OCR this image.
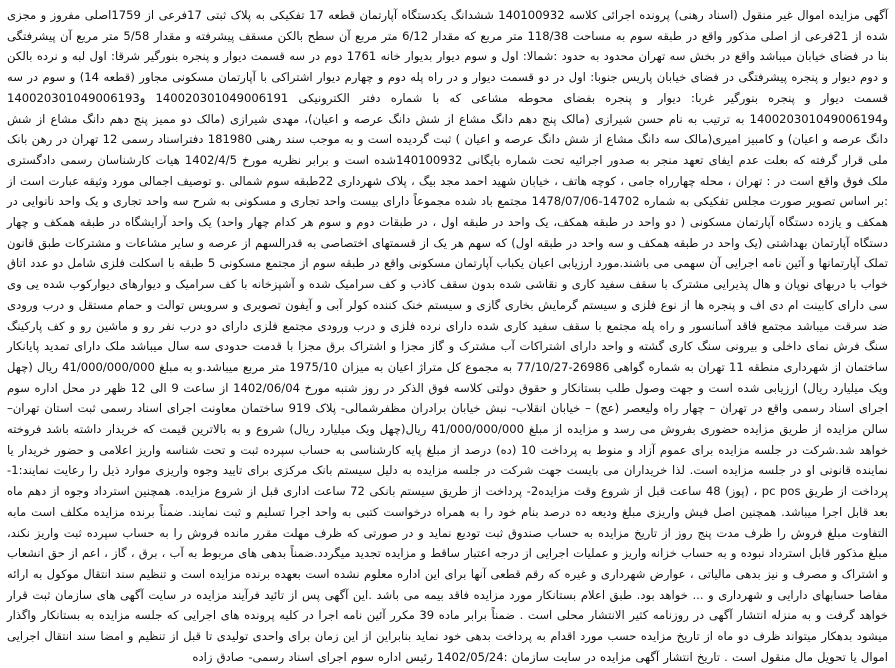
آگهی مزایده اموال غیر منقول (اسناد رهنی) پرونده اجرائی کلاسه 140100932 ششدانگ یکدستگاه آپارتمان قطعه 17 تفکیکی به پلاک ثبتی 17فرعی از 1759اصلی مفروز و مجزی شده از 21فرعی از اصلی مذکور واقع در طبقه سوم به مساحت 118/38 متر مربع که مقدار 6/12 متر مربع آن سطح بالکن مسقف پیشرفته و مقدار 5/58 متر مربع آن پیشرفتگی بنا در فضای خیابان میباشد واقع در بخش سه تهران محدود به حدود :شمالا: اول و سوم دیوار بدیوار خانه 1761 دوم در سه قسمت دیوار و پنجره بنورگیر شرقا: اول لبه و نرده بالکن و دوم دیوار و پنجره پیشرفتگی در فضای خیابان پاریس جنوبا: اول در دو قسمت دیوار و در راه پله دوم و چهارم دیوار اشتراکی با آپارتمان مسکونی مجاور (قطعه 14) و سوم در سه قسمت دیوار و پنجره بنورگیر غربا: دیوار و پنجره بفضای محوطه مشاعی که با شماره دفتر الکترونیکی 140020301049006191 و140020301049006193 و140020301049006194 به ترتیب به نام حسن شیرازی (مالک پنج دهم دانگ مشاع از شش دانگ عرصه و اعیان)، مهدی شیرازی (مالک دو ممیز پنج دهم دانگ مشاع از شش دانگ عرصه و اعیان) و کامبیز امیری(مالک سه دانگ مشاع از شش دانگ عرصه و اعیان ) ثبت گردیده است و به موجب سند رهنی 181980 دفتراسناد رسمی 12 تهران در رهن بانک ملی قرار گرفته که بعلت عدم ایفای تعهد منجر به صدور اجرائیه تحت شماره بایگانی 140100932شده است و برابر نظریه مورخ 1402/4/5 هیات کارشناسان رسمی دادگستری ملک فوق واقع است در : تهران ، محله چهارراه جامی ، کوچه هاتف ، خیابان شهید احمد مجد بیگ ، پلاک شهرداری 22طبقه سوم شمالی .و توصیف اجمالی مورد وثیقه عبارت است از :بر اساس تصویر صورت مجلس تفکیکی به شماره 14702-1478/07/06 مجتمع باد شده مجموعاً دارای بیست واحد تجاری و مسکونی به شرح سه واحد تجاری و یک واحد نانوایی در همکف و یازده دستگاه آپارتمان مسکونی ( دو واحد در طبقه همکف، یک واحد در طبقه اول ، در طبقات دوم و سوم هر کدام چهار واحد) یک واحد آرایشگاه در طبقه همکف و چهار دستگاه آپارتمان بهداشتی (یک واحد در طبقه همکف و سه واحد در طبقه اول) که سهم هر یک از قسمتهای اختصاصی به قدرالسهم از عرصه و سایر مشاعات و مشترکات طبق قانون تملک آپارتمانها و آئین نامه اجرایی آن سهمی می باشند.مورد ارزیابی اعیان یکباب آپارتمان مسکونی واقع در طبقه سوم از مجتمع مسکونی 5 طبقه با اسکلت فلزی شامل دو عدد اتاق خواب با دربهای نوپان و هال پذیرایی مشترک با سقف سفید کاری و نقاشی شده بدون سقف کاذب و کف سرامیک شده و آشپزخانه با کف سرامیک و دیوارهای دیوارکوب شده یی وی سی دارای کابینت ام دی اف و پنجره ها از نوع فلزی و سیستم گرمایش بخاری گازی و سیستم خنک کننده کولر آبی و آیفون تصویری و سرویس توالت و حمام مستقل و درب ورودی ضد سرقت میباشد مجتمع فاقد آسانسور و راه پله مجتمع با سقف سفید کاری شده دارای نرده فلزی و درب ورودی مجتمع فلزی دارای دو درب نفر رو و ماشین رو و کف پارکینگ سنگ فرش نمای داخلی و بیرونی سنگ کاری گشته و واحد دارای اشتراکات آب مشترک و گاز مجزا و اشتراک برق مجزا با قدمت حدودی سه سال میباشد ملک دارای تمدید پایانکار ساختمان از شهرداری منطقه 11 تهران به شماره گواهی 26986-77/10/27 به مجموع کل متراژ اعیان به میزان 1975/10 متر مربع میباشد.و به مبلغ 41/000/000/000 ریال (چهل ویک میلیارد ریال) ارزیابی شده است و جهت وصول طلب بستانکار و حقوق دولتی کلاسه فوق الذکر در روز شنبه مورخ 1402/06/04 از ساعت 9 الی 12 ظهر در محل اداره سوم اجرای اسناد رسمی واقع در تهران – چهار راه ولیعصر (عج) – خیابان انقلاب- نبش خیابان برادران مظفرشمالی- پلاک 919 ساختمان معاونت اجرای اسناد رسمی ثبت استان تهران– سالن مزایده از طریق مزایده حضوری بفروش می رسد و مزایده از مبلغ 41/000/000/000 ریال(چهل ویک میلیارد ریال) شروع و به بالاترین قیمت که خریدار داشته باشد فروخته خواهد شد.شرکت در جلسه مزایده برای عموم آزاد و منوط به پرداخت 10 (ده) درصد از مبلغ پایه کارشناسی به حساب سپرده ثبت و تحت شناسه واریز اعلامی و حضور خریدار یا نماینده قانونی او در جلسه مزایده است. لذا خریداران می بایست جهت شرکت در جلسه مزایده به دلیل سیستم بانک مرکزی برای تایید وجوه واریزی موارد ذیل را رعایت نمایند:1-پرداخت از طریق pc pos ، (پوز) 48 ساعت قبل از شروع وقت مزایده2- پرداخت از طریق سیستم بانکی 72 ساعت اداری قبل از شروع مزایده. همچنین استرداد وجوه از دهم ماه بعد قابل اجرا میباشد. همچنین اصل فیش واریزی مبلغ ودیعه ده درصد بنام خود را به همراه درخواست کتبی به واحد اجرا تسلیم و ثبت نمایند. ضمناً برنده مزایده مکلف است مابه التفاوت مبلغ فروش را ظرف مدت پنج روز از تاریخ مزایده به حساب صندوق ثبت تودیع نماید و در صورتی که ظرف مهلت مقرر مانده فروش را به حساب سپرده ثبت واریز نکند، مبلغ مذکور قابل استرداد نبوده و به حساب خزانه واریز و عملیات اجرایی از درجه اعتبار ساقط و مزایده تجدید میگردد.ضمناً بدهی های مربوط به آب ، برق ، گاز ، اعم از حق انشعاب و اشتراک و مصرف و نیز بدهی مالیاتی ، عوارض شهرداری و غیره که رقم قطعی آنها برای این اداره معلوم نشده است بعهده برنده مزایده است و تنظیم سند انتقال موکول به ارائه مفاصا حسابهای دارایی و شهرداری و ... خواهد بود. طبق اعلام بستانکار مورد مزایده فاقد بیمه می باشد .این آگهی پس از تائید فرآیند مزایده در سایت آگهی های سازمان ثبت قرار خواهد گرفت و به منزله انتشار آگهی در روزنامه کثیر الانتشار محلی است . ضمناً برابر ماده 39 مکرر آئین نامه اجرا در کلیه پرونده های اجرایی که جلسه مزایده به بستانکار واگذار میشود بدهکار میتواند ظرف دو ماه از تاریخ مزایده حسب مورد اقدام به پرداخت بدهی خود نماید بنابراین از این زمان برای واحدی تولیدی تا قبل از تنظیم و امضا سند انتقال اجرایی اموال یا تحویل مال منقول است . تاریخ انتشار آگهی مزایده در سایت سازمان :1402/05/24 رئیس اداره سوم اجرای اسناد رسمی- صادق زاده
